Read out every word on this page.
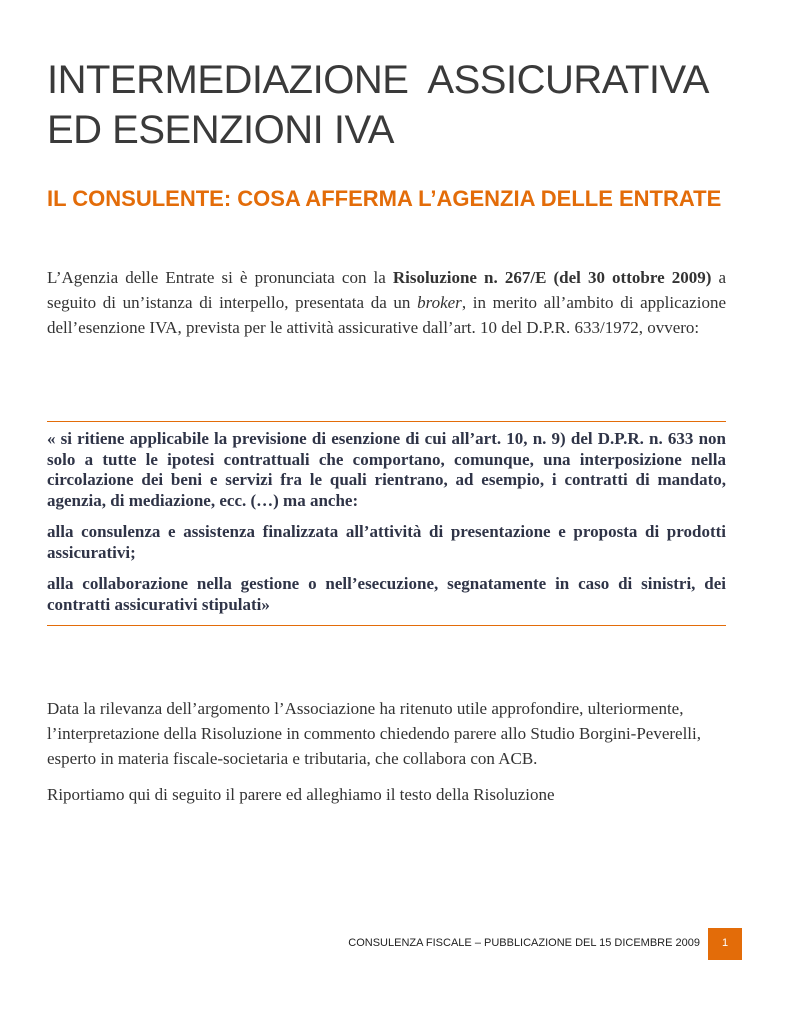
INTERMEDIAZIONE  ASSICURATIVA
ED ESENZIONI IVA
IL CONSULENTE: COSA AFFERMA L’AGENZIA DELLE ENTRATE
L’Agenzia delle Entrate si è pronunciata con la Risoluzione n. 267/E (del 30 ottobre 2009) a seguito di un’istanza di interpello, presentata da un broker, in merito all’ambito di applicazione dell’esenzione IVA, prevista per le attività assicurative dall’art. 10 del D.P.R. 633/1972, ovvero:

« si ritiene applicabile la previsione di esenzione di cui all’art. 10, n. 9) del D.P.R. n. 633 non solo a tutte le ipotesi contrattuali che comportano, comunque, una interposizione nella circolazione dei beni e servizi fra le quali rientrano, ad esempio, i contratti di mandato, agenzia, di mediazione, ecc. (…) ma anche:

alla consulenza e assistenza finalizzata all’attività di presentazione e proposta di prodotti assicurativi;

alla collaborazione nella gestione o nell’esecuzione, segnatamente in caso di sinistri, dei contratti assicurativi stipulati»

Data la rilevanza dell’argomento l’Associazione ha ritenuto utile approfondire, ulteriormente, l’interpretazione della Risoluzione in commento chiedendo parere allo Studio Borgini-Peverelli, esperto in materia fiscale-societaria e tributaria, che collabora con ACB.

Riportiamo qui di seguito il parere ed alleghiamo il testo della Risoluzione

CONSULENZA FISCALE – PUBBLICAZIONE DEL 15 DICEMBRE 2009	1
